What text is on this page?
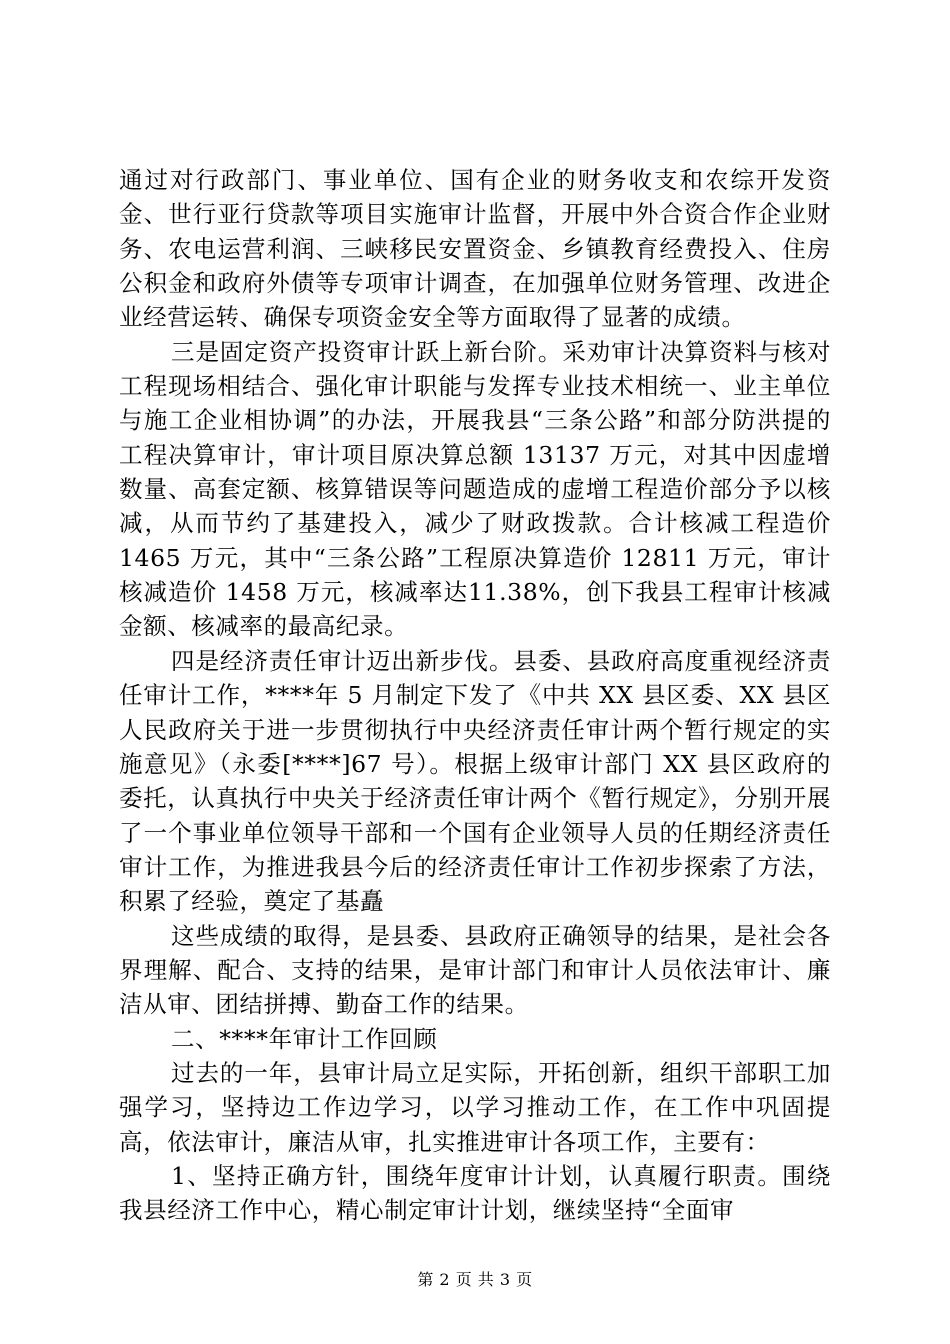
通过对行政部门、事业单位、国有企业的财务收支和农综开发资金、世行亚行贷款等项目实施审计监督，开展中外合资合作企业财务、农电运营利润、三峡移民安置资金、乡镇教育经费投入、住房公积金和政府外债等专项审计调查，在加强单位财务管理、改进企业经营运转、确保专项资金安全等方面取得了显著的成绩。

三是固定资产投资审计跃上新台阶。采劝审计决算资料与核对工程现场相结合、强化审计职能与发挥专业技术相统一、业主单位与施工企业相协调”的办法，开展我县“三条公路”和部分防洪提的工程决算审计，审计项目原决算总额 13137 万元，对其中因虚增数量、高套定额、核算错误等问题造成的虚增工程造价部分予以核减，从而节约了基建投入，减少了财政拨款。合计核减工程造价 1465 万元，其中“三条公路”工程原决算造价 12811 万元，审计核减造价 1458 万元，核减率达11.38%，创下我县工程审计核减金额、核减率的最高纪录。

四是经济责任审计迈出新步伐。县委、县政府高度重视经济责任审计工作，****年 5 月制定下发了《中共 XX 县区委、XX 县区人民政府关于进一步贯彻执行中央经济责任审计两个暂行规定的实施意见》（永委[****]67 号）。根据上级审计部门 XX 县区政府的委托，认真执行中央关于经济责任审计两个《暂行规定》，分别开展了一个事业单位领导干部和一个国有企业领导人员的任期经济责任审计工作，为推进我县今后的经济责任审计工作初步探索了方法，积累了经验，奠定了基矗

这些成绩的取得，是县委、县政府正确领导的结果，是社会各界理解、配合、支持的结果，是审计部门和审计人员依法审计、廉洁从审、团结拼搏、勤奋工作的结果。

二、****年审计工作回顾

过去的一年，县审计局立足实际，开拓创新，组织干部职工加强学习，坚持边工作边学习，以学习推动工作，在工作中巩固提高，依法审计，廉洁从审，扎实推进审计各项工作，主要有：

1、坚持正确方针，围绕年度审计计划，认真履行职责。围绕我县经济工作中心，精心制定审计计划，继续坚持“全面审

第 2 页 共 3 页
